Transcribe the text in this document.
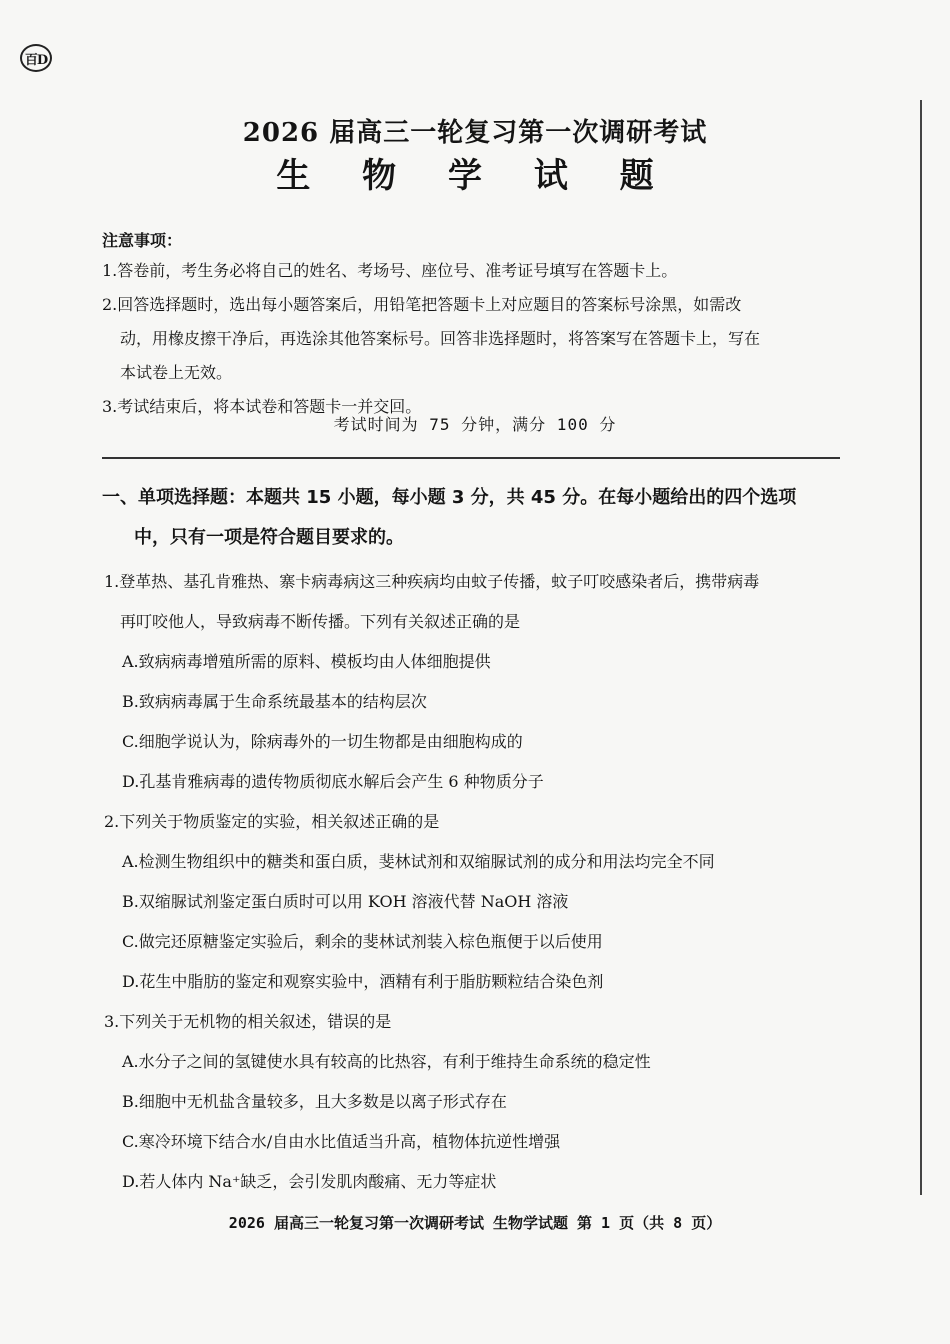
百D
2026 届高三一轮复习第一次调研考试
生 物 学 试 题

注意事项：

1.答卷前，考生务必将自己的姓名、考场号、座位号、准考证号填写在答题卡上。

2.回答选择题时，选出每小题答案后，用铅笔把答题卡上对应题目的答案标号涂黑，如需改

动，用橡皮擦干净后，再选涂其他答案标号。回答非选择题时，将答案写在答题卡上，写在

本试卷上无效。

3.考试结束后，将本试卷和答题卡一并交回。

考试时间为 75 分钟，满分 100 分

一、单项选择题：本题共 15 小题，每小题 3 分，共 45 分。在每小题给出的四个选项

中，只有一项是符合题目要求的。

1.登革热、基孔肯雅热、寨卡病毒病这三种疾病均由蚊子传播，蚊子叮咬感染者后，携带病毒

再叮咬他人，导致病毒不断传播。下列有关叙述正确的是

A.致病病毒增殖所需的原料、模板均由人体细胞提供

B.致病病毒属于生命系统最基本的结构层次

C.细胞学说认为，除病毒外的一切生物都是由细胞构成的

D.孔基肯雅病毒的遗传物质彻底水解后会产生 6 种物质分子

2.下列关于物质鉴定的实验，相关叙述正确的是

A.检测生物组织中的糖类和蛋白质，斐林试剂和双缩脲试剂的成分和用法均完全不同

B.双缩脲试剂鉴定蛋白质时可以用 KOH 溶液代替 NaOH 溶液

C.做完还原糖鉴定实验后，剩余的斐林试剂装入棕色瓶便于以后使用

D.花生中脂肪的鉴定和观察实验中，酒精有利于脂肪颗粒结合染色剂

3.下列关于无机物的相关叙述，错误的是

A.水分子之间的氢键使水具有较高的比热容，有利于维持生命系统的稳定性

B.细胞中无机盐含量较多，且大多数是以离子形式存在

C.寒冷环境下结合水/自由水比值适当升高，植物体抗逆性增强

D.若人体内 Na⁺缺乏，会引发肌肉酸痛、无力等症状

2026 届高三一轮复习第一次调研考试 生物学试题 第 1 页（共 8 页）
